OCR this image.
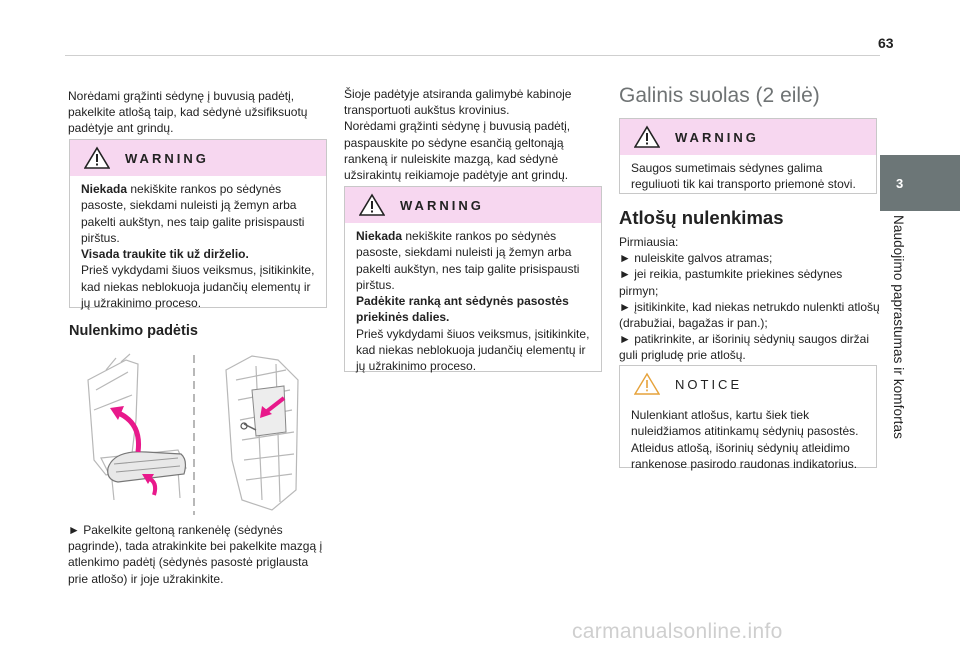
63
3
Naudojimo paprastumas ir komfortas
Norėdami grąžinti sėdynę į buvusią padėtį, pakelkite atlošą taip, kad sėdynė užsifiksuotų padėtyje ant grindų.
WARNING
Niekada nekiškite rankos po sėdynės pasoste, siekdami nuleisti ją žemyn arba pakelti aukštyn, nes taip galite prisispausti pirštus.
Visada traukite tik už dirželio.
Prieš vykdydami šiuos veiksmus, įsitikinkite, kad niekas neblokuoja judančių elementų ir jų užrakinimo proceso.
Nulenkimo padėtis
► Pakelkite geltoną rankenėlę (sėdynės pagrinde), tada atrakinkite bei pakelkite mazgą į atlenkimo padėtį (sėdynės pasostė priglausta prie atlošo) ir joje užrakinkite.
Šioje padėtyje atsiranda galimybė kabinoje transportuoti aukštus krovinius.
Norėdami grąžinti sėdynę į buvusią padėtį, paspauskite po sėdyne esančią geltonąją rankeną ir nuleiskite mazgą, kad sėdynė užsirakintų reikiamoje padėtyje ant grindų.
WARNING
Niekada nekiškite rankos po sėdynės pasoste, siekdami nuleisti ją žemyn arba pakelti aukštyn, nes taip galite prisispausti pirštus.
Padėkite ranką ant sėdynės pasostės priekinės dalies.
Prieš vykdydami šiuos veiksmus, įsitikinkite, kad niekas neblokuoja judančių elementų ir jų užrakinimo proceso.
Galinis suolas (2 eilė)
WARNING
Saugos sumetimais sėdynes galima reguliuoti tik kai transporto priemonė stovi.
Atlošų nulenkimas
Pirmiausia:
► nuleiskite galvos atramas;
► jei reikia, pastumkite priekines sėdynes pirmyn;
► įsitikinkite, kad niekas netrukdo nulenkti atlošų (drabužiai, bagažas ir pan.);
► patikrinkite, ar išorinių sėdynių saugos diržai guli prigludę prie atlošų.
NOTICE
Nulenkiant atlošus, kartu šiek tiek nuleidžiamos atitinkamų sėdynių pasostės. Atleidus atlošą, išorinių sėdynių atleidimo rankenose pasirodo raudonas indikatorius.
carmanualsonline.info
